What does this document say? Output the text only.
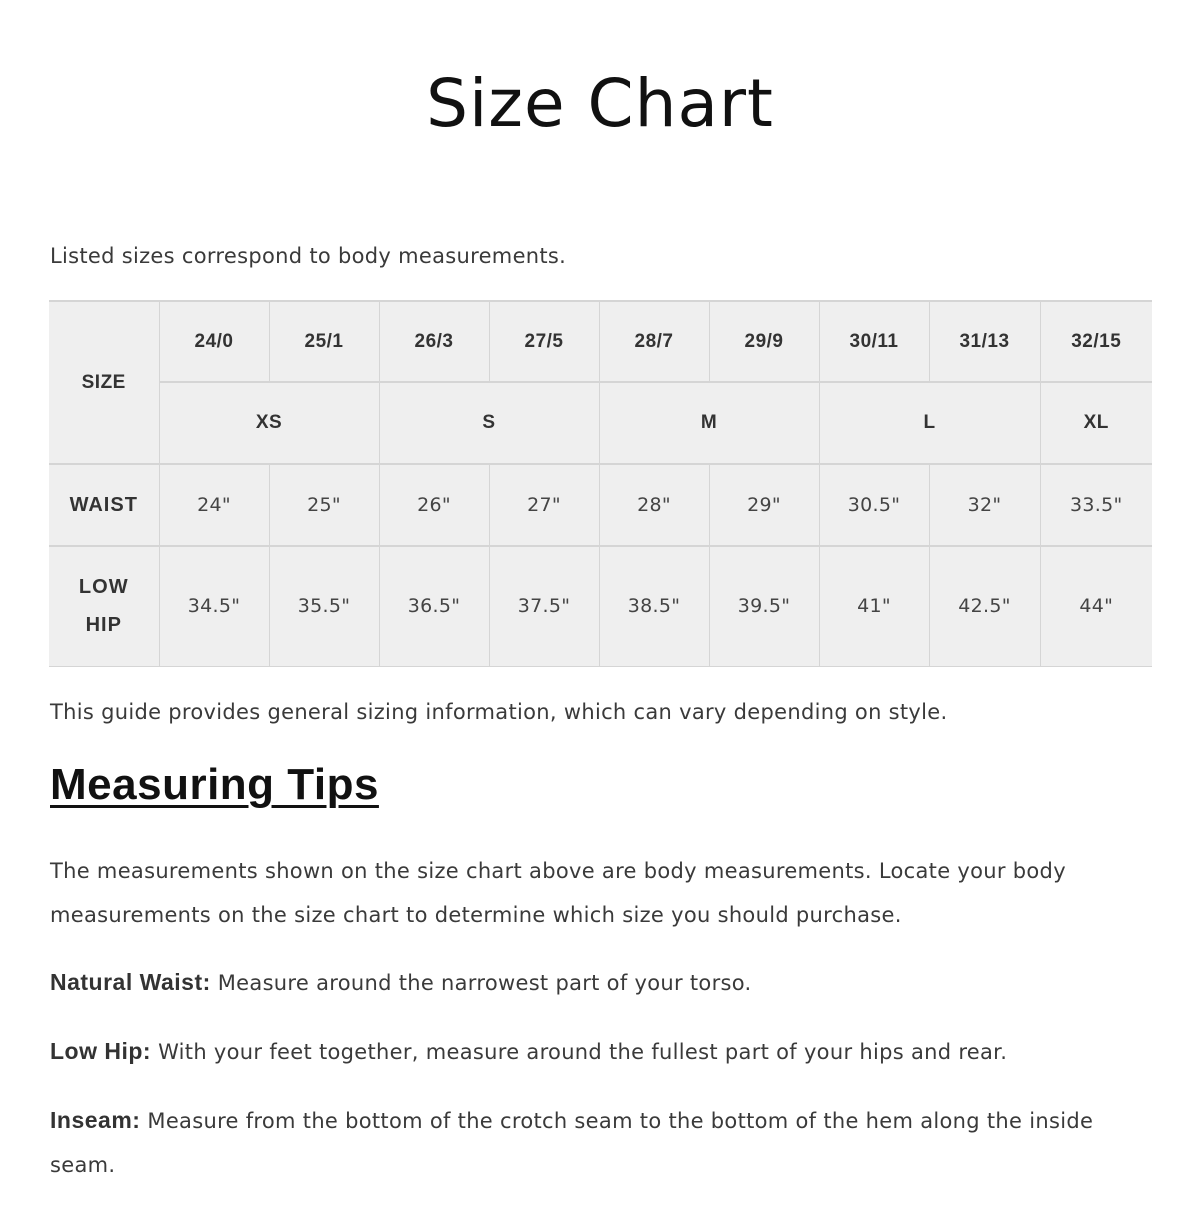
Size Chart

Listed sizes correspond to body measurements.

SIZE	24/0	25/1	26/3	27/5	28/7	29/9	30/11	31/13	32/15
	XS		S		M		L		XL
WAIST	24"	25"	26"	27"	28"	29"	30.5"	32"	33.5"
LOW
HIP	34.5"	35.5"	36.5"	37.5"	38.5"	39.5"	41"	42.5"	44"

This guide provides general sizing information, which can vary depending on style.

Measuring Tips

The measurements shown on the size chart above are body measurements. Locate your body measurements on the size chart to determine which size you should purchase.

Natural Waist: Measure around the narrowest part of your torso.

Low Hip: With your feet together, measure around the fullest part of your hips and rear.

Inseam: Measure from the bottom of the crotch seam to the bottom of the hem along the inside seam.
